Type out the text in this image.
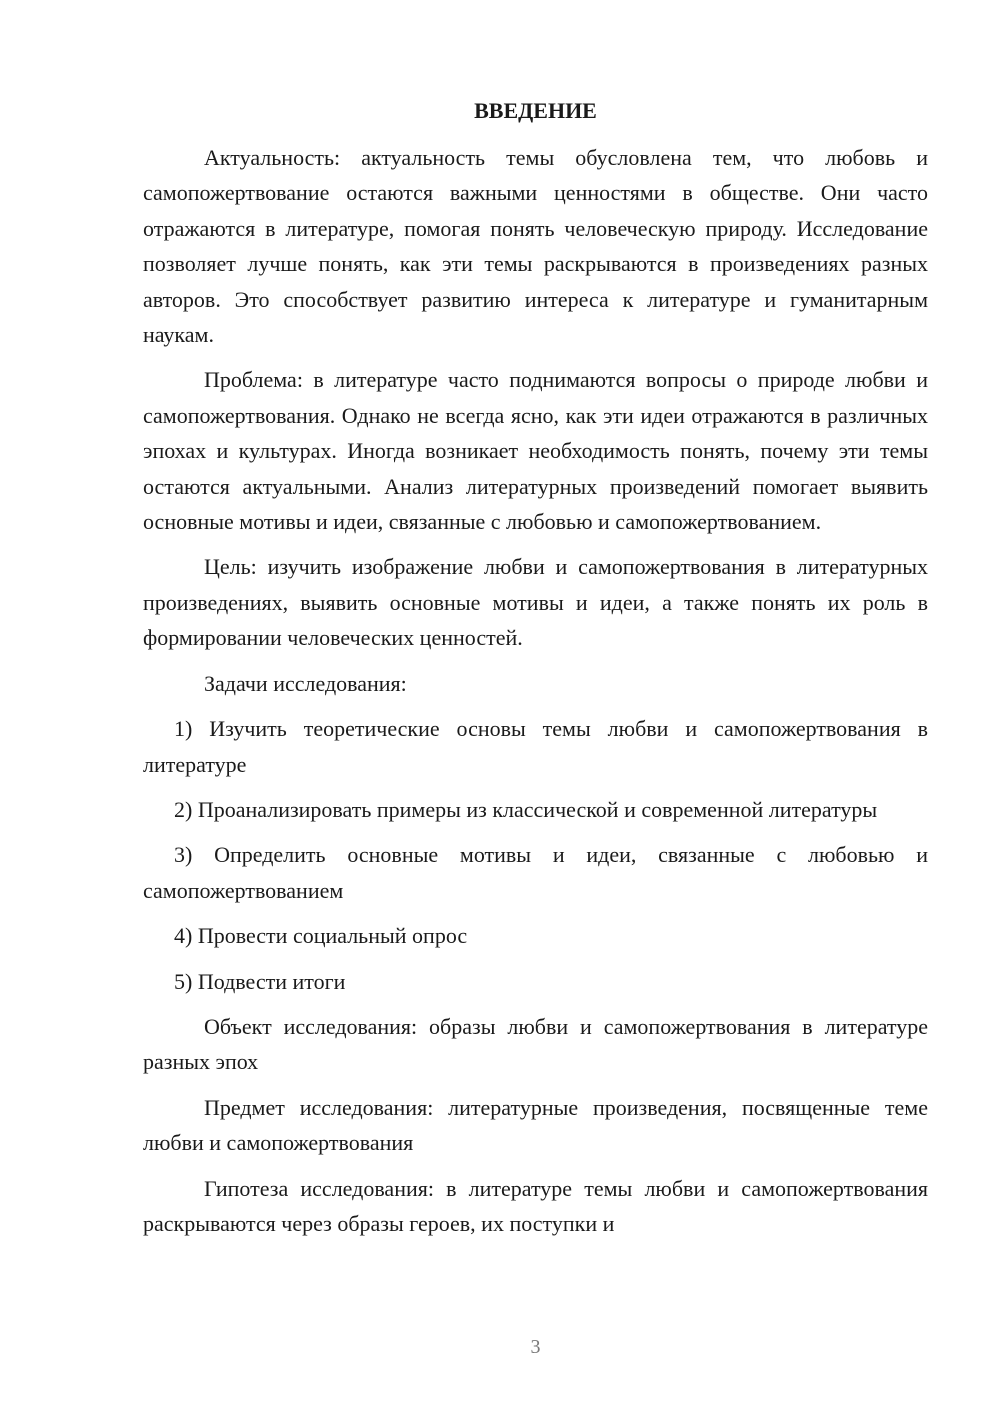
ВВЕДЕНИЕ

Актуальность: актуальность темы обусловлена тем, что любовь и самопожертвование остаются важными ценностями в обществе. Они часто отражаются в литературе, помогая понять человеческую природу. Исследование позволяет лучше понять, как эти темы раскрываются в произведениях разных авторов. Это способствует развитию интереса к литературе и гуманитарным наукам.

Проблема: в литературе часто поднимаются вопросы о природе любви и самопожертвования. Однако не всегда ясно, как эти идеи отражаются в различных эпохах и культурах. Иногда возникает необходимость понять, почему эти темы остаются актуальными. Анализ литературных произведений помогает выявить основные мотивы и идеи, связанные с любовью и самопожертвованием.

Цель: изучить изображение любви и самопожертвования в литературных произведениях, выявить основные мотивы и идеи, а также понять их роль в формировании человеческих ценностей.

Задачи исследования:

1) Изучить теоретические основы темы любви и самопожертвования в литературе

2) Проанализировать примеры из классической и современной литературы

3) Определить основные мотивы и идеи, связанные с любовью и самопожертвованием

4) Провести социальный опрос

5) Подвести итоги

Объект исследования: образы любви и самопожертвования в литературе разных эпох

Предмет исследования: литературные произведения, посвященные теме любви и самопожертвования

Гипотеза исследования: в литературе темы любви и самопожертвования раскрываются через образы героев, их поступки и

3
